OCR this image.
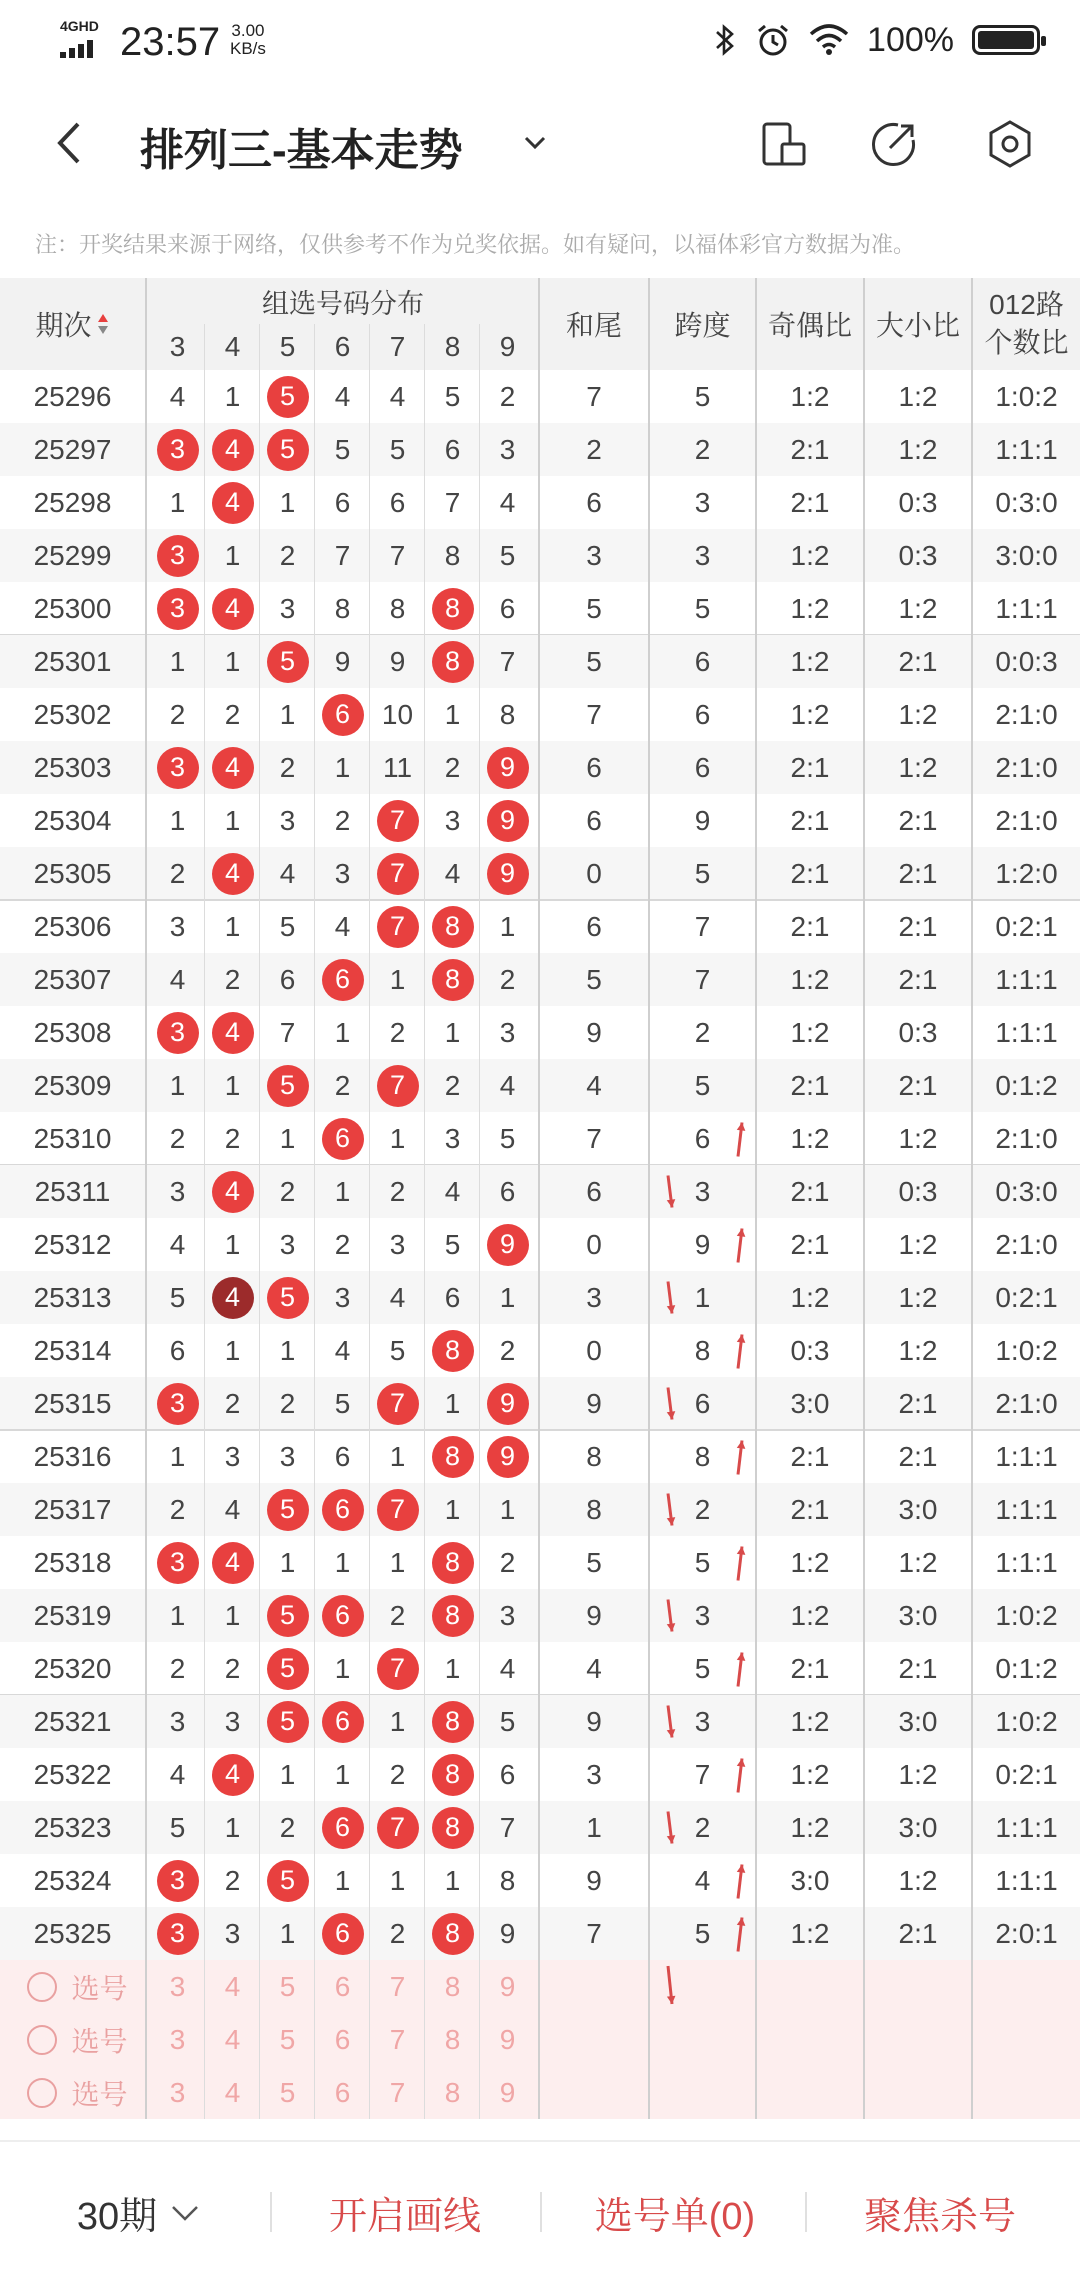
4GHD 23:57 3.00
KB/s	100%
排列三-基本走势
注：开奖结果来源于网络，仅供参考不作为兑奖依据。如有疑问，以福体彩官方数据为准。
期次
组选号码分布
3	4	5	6	7	8	9
和尾	跨度	奇偶比 大小比
012路
个数比
25296	4	1	5	4	4	5	2	7	5	1:2	1:2	1:0:2
25297	3	4	5	5	5	6	3	2	2	2:1	1:2	1:1:1
25298	1	4	1	6	6	7	4	6	3	2:1	0:3	0:3:0
25299	3	1	2	7	7	8	5	3	3	1:2	0:3	3:0:0
25300	3	4	3	8	8	8	6	5	5	1:2	1:2	1:1:1
25301	1	1	5	9	9	8	7	5	6	1:2	2:1	0:0:3
25302	2	2	1	6	10	1	8	7	6	1:2	1:2	2:1:0
25303	3	4	2	1	11	2	9	6	6	2:1	1:2	2:1:0
25304	1	1	3	2	7	3	9	6	9	2:1	2:1	2:1:0
25305	2	4	4	3	7	4	9	0	5	2:1	2:1	1:2:0
25306	3	1	5	4	7	8	1	6	7	2:1	2:1	0:2:1
25307	4	2	6	6	1	8	2	5	7	1:2	2:1	1:1:1
25308	3	4	7	1	2	1	3	9	2	1:2	0:3	1:1:1
25309	1	1	5	2	7	2	4	4	5	2:1	2:1	0:1:2
25310	2	2	1	6	1	3	5	7	6	1:2	1:2	2:1:0
25311	3	4	2	1	2	4	6	6	3	2:1	0:3	0:3:0
25312	4	1	3	2	3	5	9	0	9	2:1	1:2	2:1:0
25313	5	4	5	3	4	6	1	3	1	1:2	1:2	0:2:1
25314	6	1	1	4	5	8	2	0	8	0:3	1:2	1:0:2
25315	3	2	2	5	7	1	9	9	6	3:0	2:1	2:1:0
25316	1	3	3	6	1	8	9	8	8	2:1	2:1	1:1:1
25317	2	4	5	6	7	1	1	8	2	2:1	3:0	1:1:1
25318	3	4	1	1	1	8	2	5	5	1:2	1:2	1:1:1
25319	1	1	5	6	2	8	3	9	3	1:2	3:0	1:0:2
25320	2	2	5	1	7	1	4	4	5	2:1	2:1	0:1:2
25321	3	3	5	6	1	8	5	9	3	1:2	3:0	1:0:2
25322	4	4	1	1	2	8	6	3	7	1:2	1:2	0:2:1
25323	5	1	2	6	7	8	7	1	2	1:2	3:0	1:1:1
25324	3	2	5	1	1	1	8	9	4	3:0	1:2	1:1:1
25325	3	3	1	6	2	8	9	7	5	1:2	2:1	2:0:1
选号	3	4	5	6	7	8	9
选号	3	4	5	6	7	8	9
选号	3	4	5	6	7	8	9
30期	开启画线	选号单(0)	聚焦杀号
